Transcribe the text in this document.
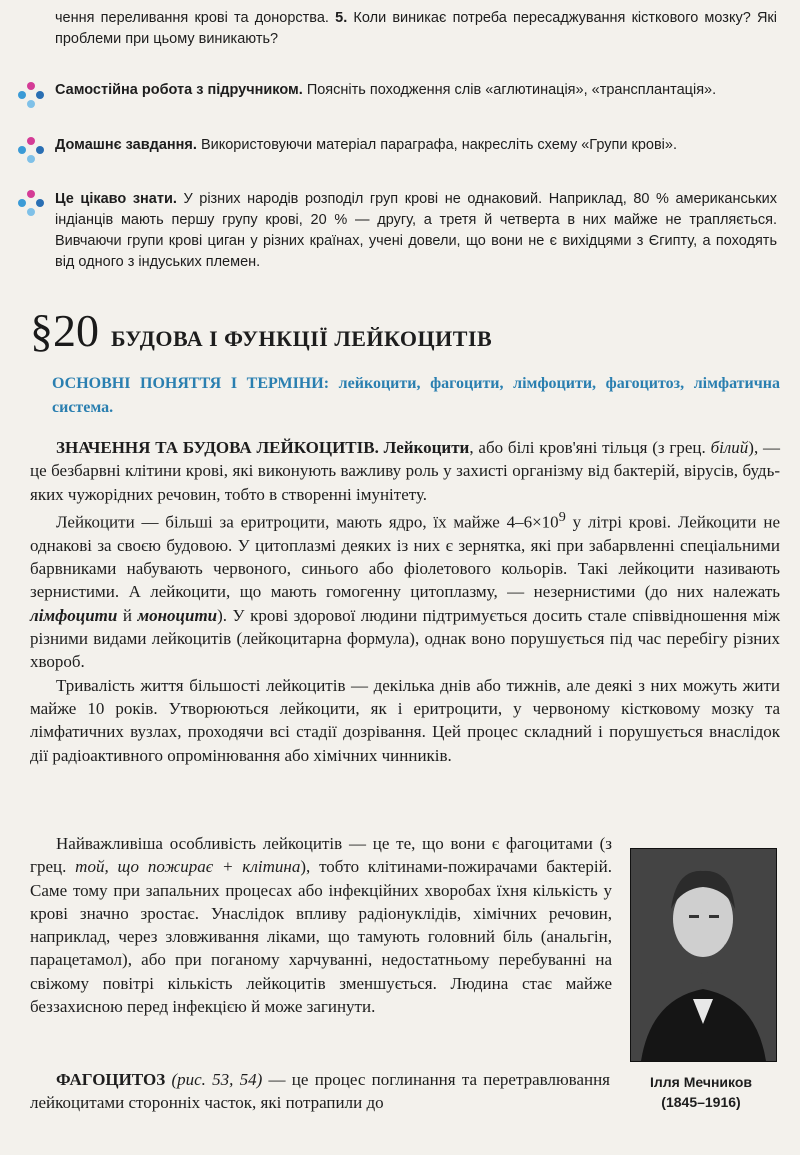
чення переливання крові та донорства. 5. Коли виникає потреба пересаджування кісткового мозку? Які проблеми при цьому виникають?
Самостійна робота з підручником. Поясніть походження слів «аглютинація», «трансплантація».
Домашнє завдання. Використовуючи матеріал параграфа, накресліть схему «Групи крові».
Це цікаво знати. У різних народів розподіл груп крові не однаковий. Наприклад, 80 % американських індіанців мають першу групу крові, 20 % — другу, а третя й четверта в них майже не трапляється. Вивчаючи групи крові циган у різних країнах, учені довели, що вони не є вихідцями з Єгипту, а походять від одного з індуських племен.
§20 БУДОВА І ФУНКЦІЇ ЛЕЙКОЦИТІВ
ОСНОВНІ ПОНЯТТЯ І ТЕРМІНИ: лейкоцити, фагоцити, лімфоцити, фагоцитоз, лімфатична система.

ЗНАЧЕННЯ ТА БУДОВА ЛЕЙКОЦИТІВ. Лейкоцити, або білі кров'яні тільця (з грец. білий), — це безбарвні клітини крові, які виконують важливу роль у захисті організму від бактерій, вірусів, будь-яких чужорідних речовин, тобто в створенні імунітету.

Лейкоцити — більші за еритроцити, мають ядро, їх майже $4-6\times 10^9$ у літрі крові. Лейкоцити не однакові за своєю будовою. У цитоплазмі деяких із них є зернятка, які при забарвленні спеціальними барвниками набувають червоного, синього або фіолетового кольорів. Такі лейкоцити називають зернистими. А лейкоцити, що мають гомогенну цитоплазму, — незернистими (до них належать лімфоцити й моноцити). У крові здорової людини підтримується досить стале співвідношення між різними видами лейкоцитів (лейкоцитарна формула), однак воно порушується під час перебігу різних хвороб.

Тривалість життя більшості лейкоцитів — декілька днів або тижнів, але деякі з них можуть жити майже 10 років. Утворюються лейкоцити, як і еритроцити, у червоному кістковому мозку та лімфатичних вузлах, проходячи всі стадії дозрівання. Цей процес складний і порушується внаслідок дії радіоактивного опромінювання або хімічних чинників.

Найважливіша особливість лейкоцитів — це те, що вони є фагоцитами (з грец. той, що пожирає + клітина), тобто клітинами-пожирачами бактерій. Саме тому при запальних процесах або інфекційних хворобах їхня кількість у крові значно зростає. Унаслідок впливу радіонуклідів, хімічних речовин, наприклад, через зловживання ліками, що тамують головний біль (анальгін, парацетамол), або при поганому харчуванні, недостатньому перебуванні на свіжому повітрі кількість лейкоцитів зменшується. Людина стає майже беззахисною перед інфекцією й може загинути.

ФАГОЦИТОЗ (рис. 53, 54) — це процес поглинання та перетравлювання лейкоцитами сторонніх часток, які потрапили до

Ілля Мечников
(1845–1916)
